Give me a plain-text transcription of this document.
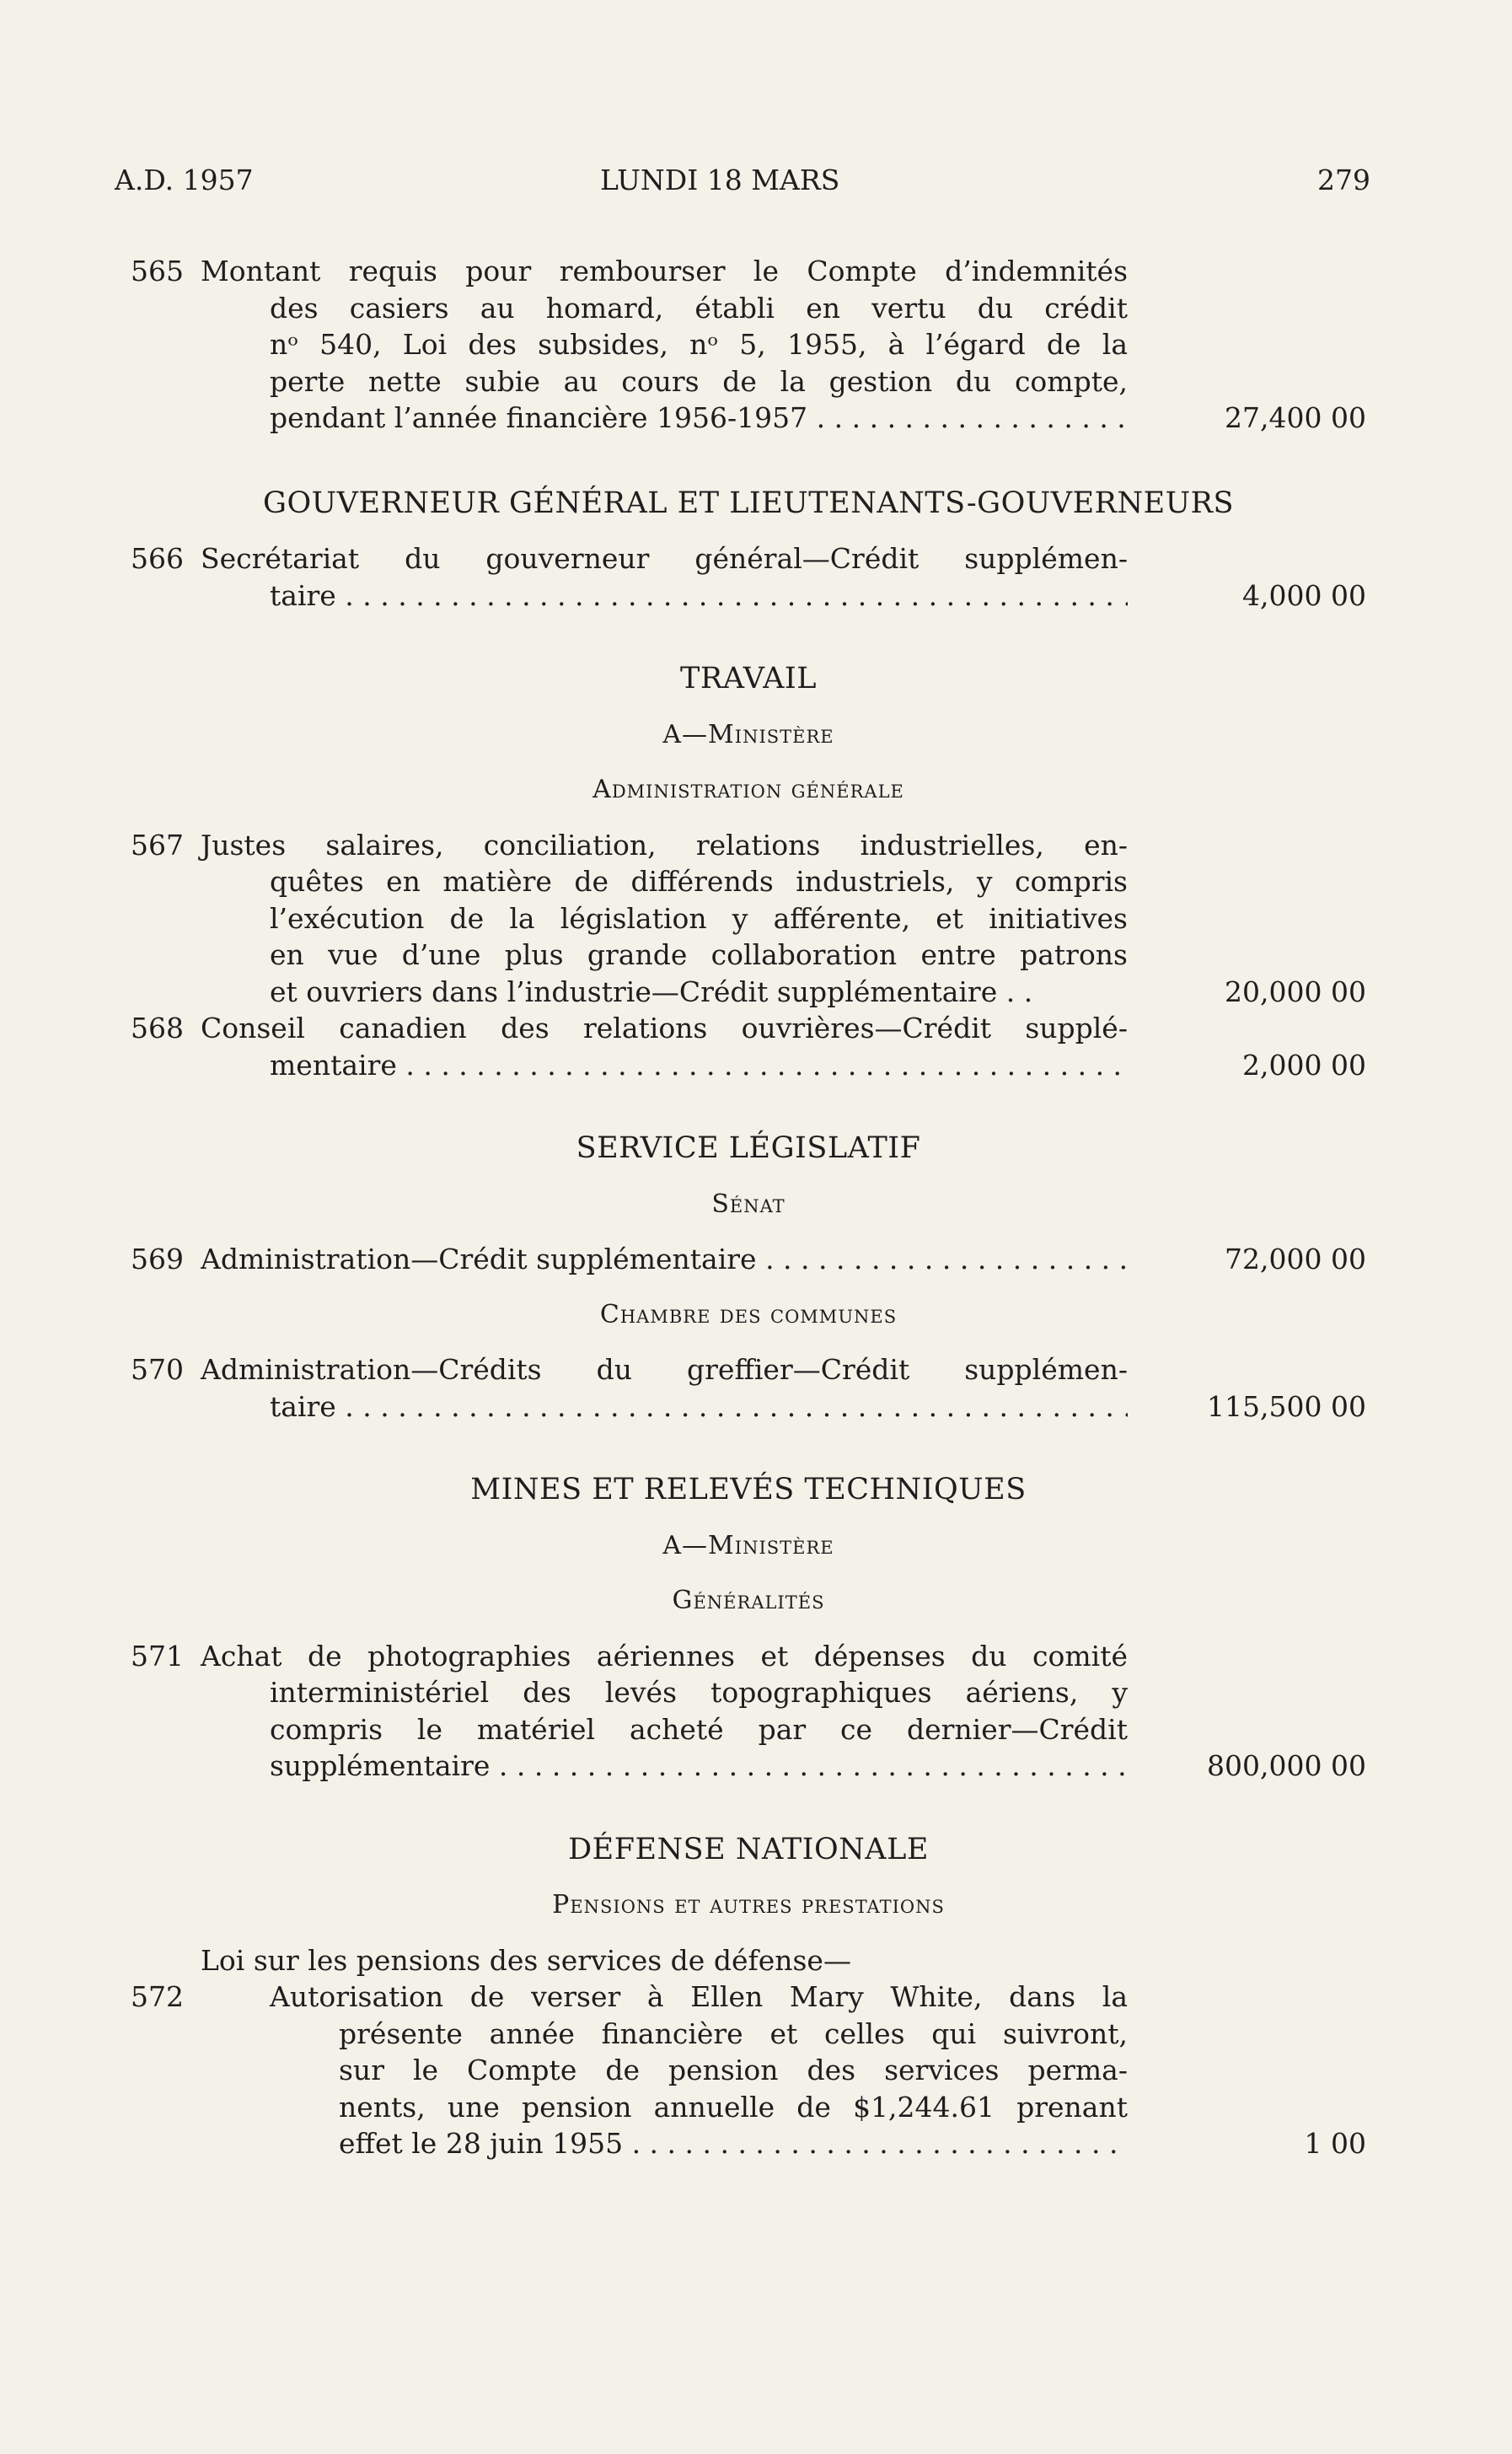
A.D. 1957	LUNDI 18 MARS	279
565 Montant requis pour rembourser le Compte d’indemnités
des casiers au homard, établi en vertu du crédit
nᵒ 540, Loi des subsides, nᵒ 5, 1955, à l’égard de la
perte nette subie au cours de la gestion du compte,
pendant l’année financière 1956-1957 . . .	27,400 00
GOUVERNEUR GÉNÉRAL ET LIEUTENANTS-GOUVERNEURS
566 Secrétariat du gouverneur général—Crédit supplémen-
taire . . .	4,000 00
TRAVAIL
A—Ministère
Administration générale
567 Justes salaires, conciliation, relations industrielles, en-
quêtes en matière de différends industriels, y compris
l’exécution de la législation y afférente, et initiatives
en vue d’une plus grande collaboration entre patrons
et ouvriers dans l’industrie—Crédit supplémentaire . .	20,000 00
568 Conseil canadien des relations ouvrières—Crédit supplé-
mentaire . . .	2,000 00
SERVICE LÉGISLATIF
Sénat
569 Administration—Crédit supplémentaire . . .	72,000 00
Chambre des communes
570 Administration—Crédits du greffier—Crédit supplémen-
taire . . .	115,500 00
MINES ET RELEVÉS TECHNIQUES
A—Ministère
Généralités
571 Achat de photographies aériennes et dépenses du comité
interministériel des levés topographiques aériens, y
compris le matériel acheté par ce dernier—Crédit
supplémentaire . . .	800,000 00
DÉFENSE NATIONALE
Pensions et autres prestations
Loi sur les pensions des services de défense—
572	Autorisation de verser à Ellen Mary White, dans la
présente année financière et celles qui suivront,
sur le Compte de pension des services perma-
nents, une pension annuelle de $1,244.61 prenant
effet le 28 juin 1955 . . .	1 00
